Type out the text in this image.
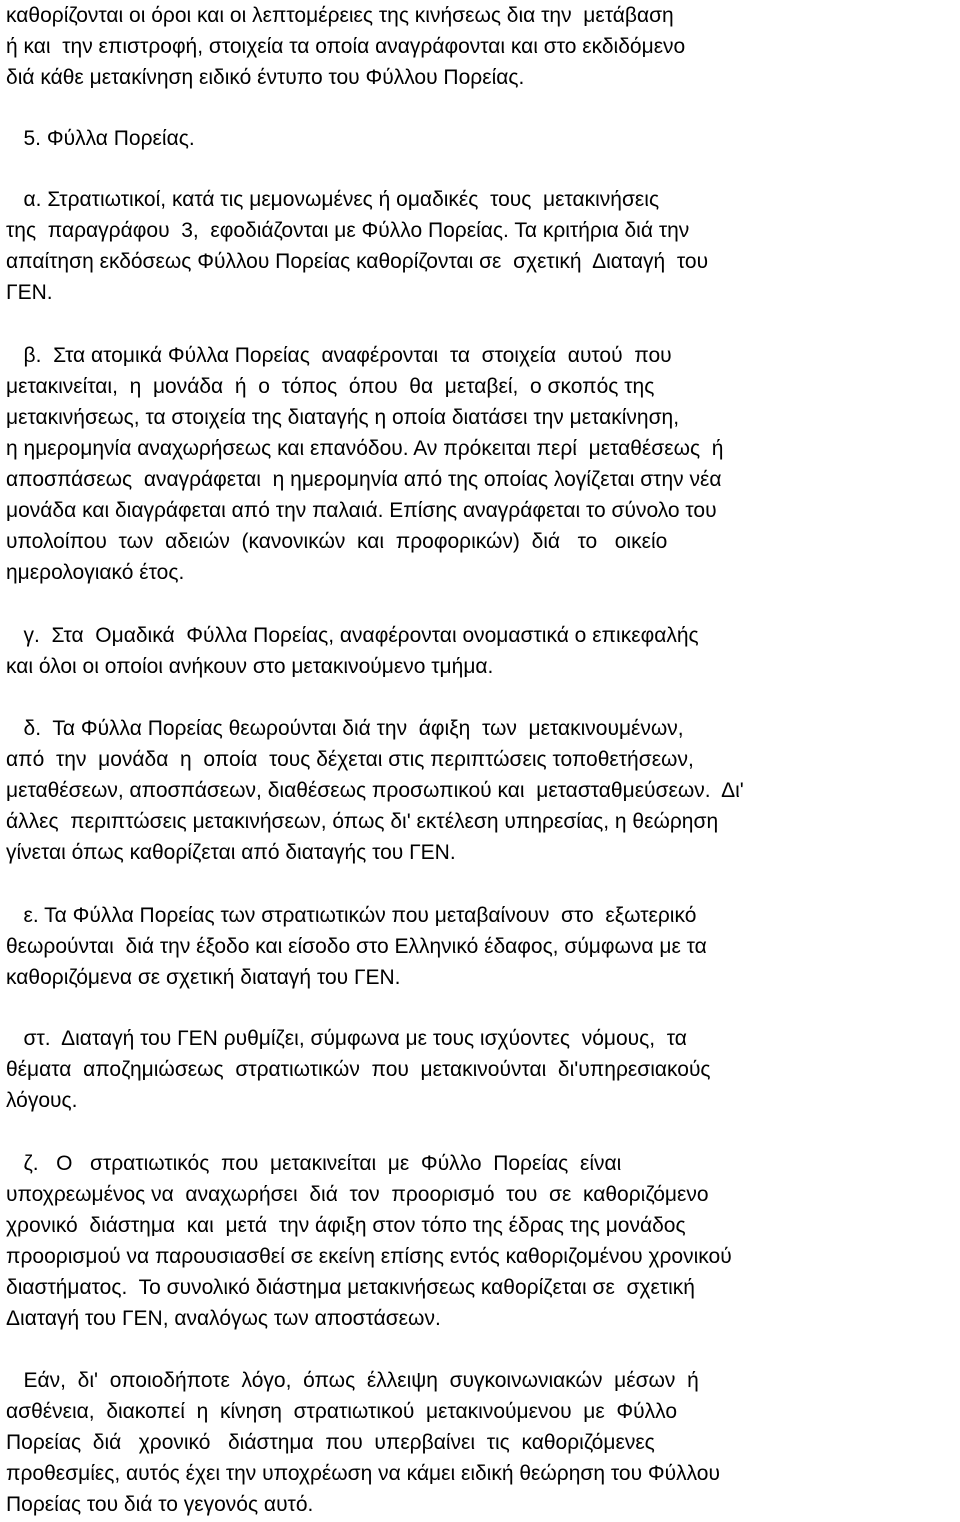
καθορίζονται οι όροι και οι λεπτομέρειες της κινήσεως δια την  μετάβαση
ή και  την επιστροφή, στοιχεία τα οποία αναγράφονται και στο εκδιδόμενο
διά κάθε μετακίνηση ειδικό έντυπο του Φύλλου Πορείας.
5. Φύλλα Πορείας.
α. Στρατιωτικοί, κατά τις μεμονωμένες ή ομαδικές  τους  μετακινήσεις
της  παραγράφου  3,  εφοδιάζονται με Φύλλο Πορείας. Τα κριτήρια διά την
απαίτηση εκδόσεως Φύλλου Πορείας καθορίζονται σε  σχετική  Διαταγή  του
ΓΕΝ.
β.  Στα ατομικά Φύλλα Πορείας  αναφέρονται  τα  στοιχεία  αυτού  που
μετακινείται,  η  μονάδα  ή  ο  τόπος  όπου  θα  μεταβεί,  ο σκοπός της
μετακινήσεως, τα στοιχεία της διαταγής η οποία διατάσει την μετακίνηση,
η ημερομηνία αναχωρήσεως και επανόδου. Αν πρόκειται περί  μεταθέσεως  ή
αποσπάσεως  αναγράφεται  η ημερομηνία από της οποίας λογίζεται στην νέα
μονάδα και διαγράφεται από την παλαιά. Επίσης αναγράφεται το σύνολο του
υπολοίπου  των  αδειών  (κανονικών  και  προφορικών)  διά   το   οικείο
ημερολογιακό έτος.
γ.  Στα  Ομαδικά  Φύλλα Πορείας, αναφέρονται ονομαστικά ο επικεφαλής
και όλοι οι οποίοι ανήκουν στο μετακινούμενο τμήμα.
δ.  Τα Φύλλα Πορείας θεωρούνται διά την  άφιξη  των  μετακινουμένων,
από  την  μονάδα  η  οποία  τους δέχεται στις περιπτώσεις τοποθετήσεων,
μεταθέσεων, αποσπάσεων, διαθέσεως προσωπικού και  μετασταθμεύσεων.  Δι'
άλλες  περιπτώσεις μετακινήσεων, όπως δι' εκτέλεση υπηρεσίας, η θεώρηση
γίνεται όπως καθορίζεται από διαταγής του ΓΕΝ.
ε. Τα Φύλλα Πορείας των στρατιωτικών που μεταβαίνουν  στο  εξωτερικό
θεωρούνται  διά την έξοδο και είσοδο στο Ελληνικό έδαφος, σύμφωνα με τα
καθοριζόμενα σε σχετική διαταγή του ΓΕΝ.
στ.  Διαταγή του ΓΕΝ ρυθμίζει, σύμφωνα με τους ισχύοντες  νόμους,  τα
θέματα  αποζημιώσεως  στρατιωτικών  που  μετακινούνται  δι'υπηρεσιακούς
λόγους.
ζ.   Ο   στρατιωτικός  που  μετακινείται  με  Φύλλο  Πορείας  είναι
υποχρεωμένος να  αναχωρήσει  διά  τον  προορισμό  του  σε  καθοριζόμενο
χρονικό  διάστημα  και  μετά  την άφιξη στον τόπο της έδρας της μονάδος
προορισμού να παρουσιασθεί σε εκείνη επίσης εντός καθοριζομένου χρονικού
διαστήματος.  Το συνολικό διάστημα μετακινήσεως καθορίζεται σε  σχετική
Διαταγή του ΓΕΝ, αναλόγως των αποστάσεων.
Εάν,  δι'  οποιοδήποτε  λόγο,  όπως  έλλειψη  συγκοινωνιακών  μέσων  ή
ασθένεια,  διακοπεί  η  κίνηση  στρατιωτικού  μετακινούμενου  με  Φύλλο
Πορείας  διά   χρονικό   διάστημα  που  υπερβαίνει  τις  καθοριζόμενες
προθεσμίες, αυτός έχει την υποχρέωση να κάμει ειδική θεώρηση του Φύλλου
Πορείας του διά το γεγονός αυτό.
